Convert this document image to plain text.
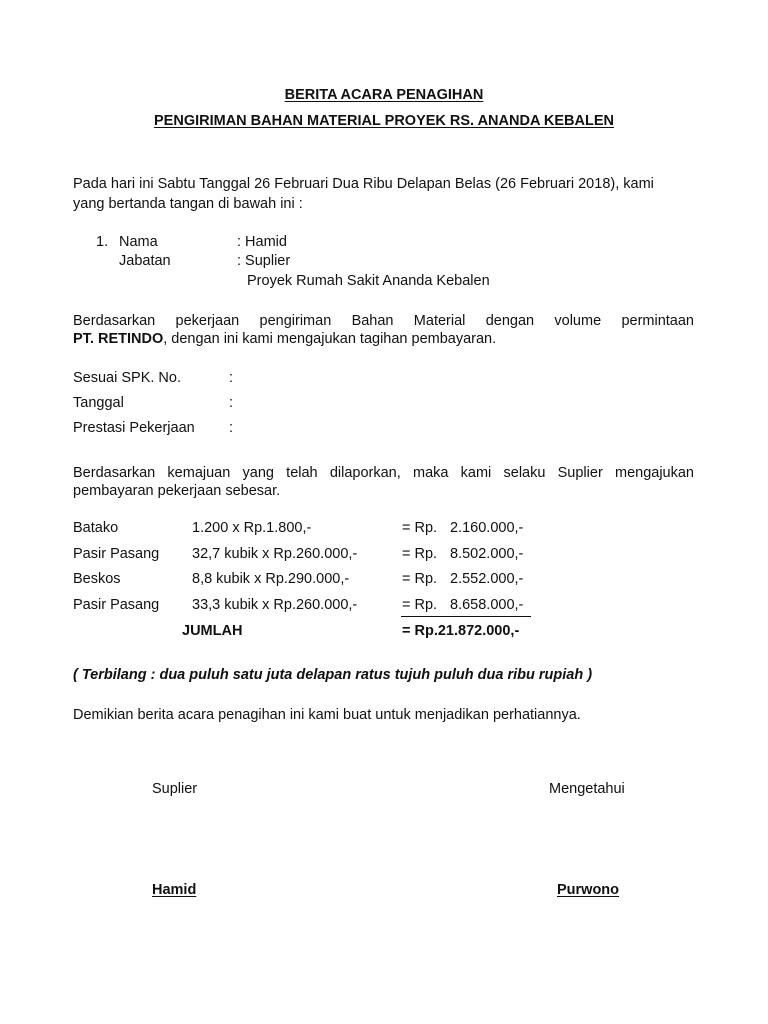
BERITA ACARA PENAGIHAN
PENGIRIMAN BAHAN MATERIAL PROYEK RS. ANANDA KEBALEN
Pada hari ini Sabtu Tanggal 26 Februari Dua Ribu Delapan Belas (26 Februari 2018), kami
yang bertanda tangan di bawah ini :
1. Nama	: Hamid
Jabatan	: Suplier
Proyek Rumah Sakit Ananda Kebalen
Berdasarkan pekerjaan pengiriman Bahan Material dengan volume permintaan
PT. RETINDO, dengan ini kami mengajukan tagihan pembayaran.
Sesuai SPK. No.	:
Tanggal	:
Prestasi Pekerjaan :
Berdasarkan kemajuan yang telah dilaporkan, maka kami selaku Suplier mengajukan
pembayaran pekerjaan sebesar.
Batako	1.200 x Rp.1.800,-	= Rp. 2.160.000,-
Pasir Pasang 32,7 kubik x Rp.260.000,-	= Rp. 8.502.000,-
Beskos	8,8 kubik x Rp.290.000,-	= Rp. 2.552.000,-
Pasir Pasang 33,3 kubik x Rp.260.000,-	= Rp. 8.658.000,-
JUMLAH	= Rp.21.872.000,-
( Terbilang : dua puluh satu juta delapan ratus tujuh puluh dua ribu rupiah )
Demikian berita acara penagihan ini kami buat untuk menjadikan perhatiannya.
Suplier	Mengetahui
Hamid	Purwono
